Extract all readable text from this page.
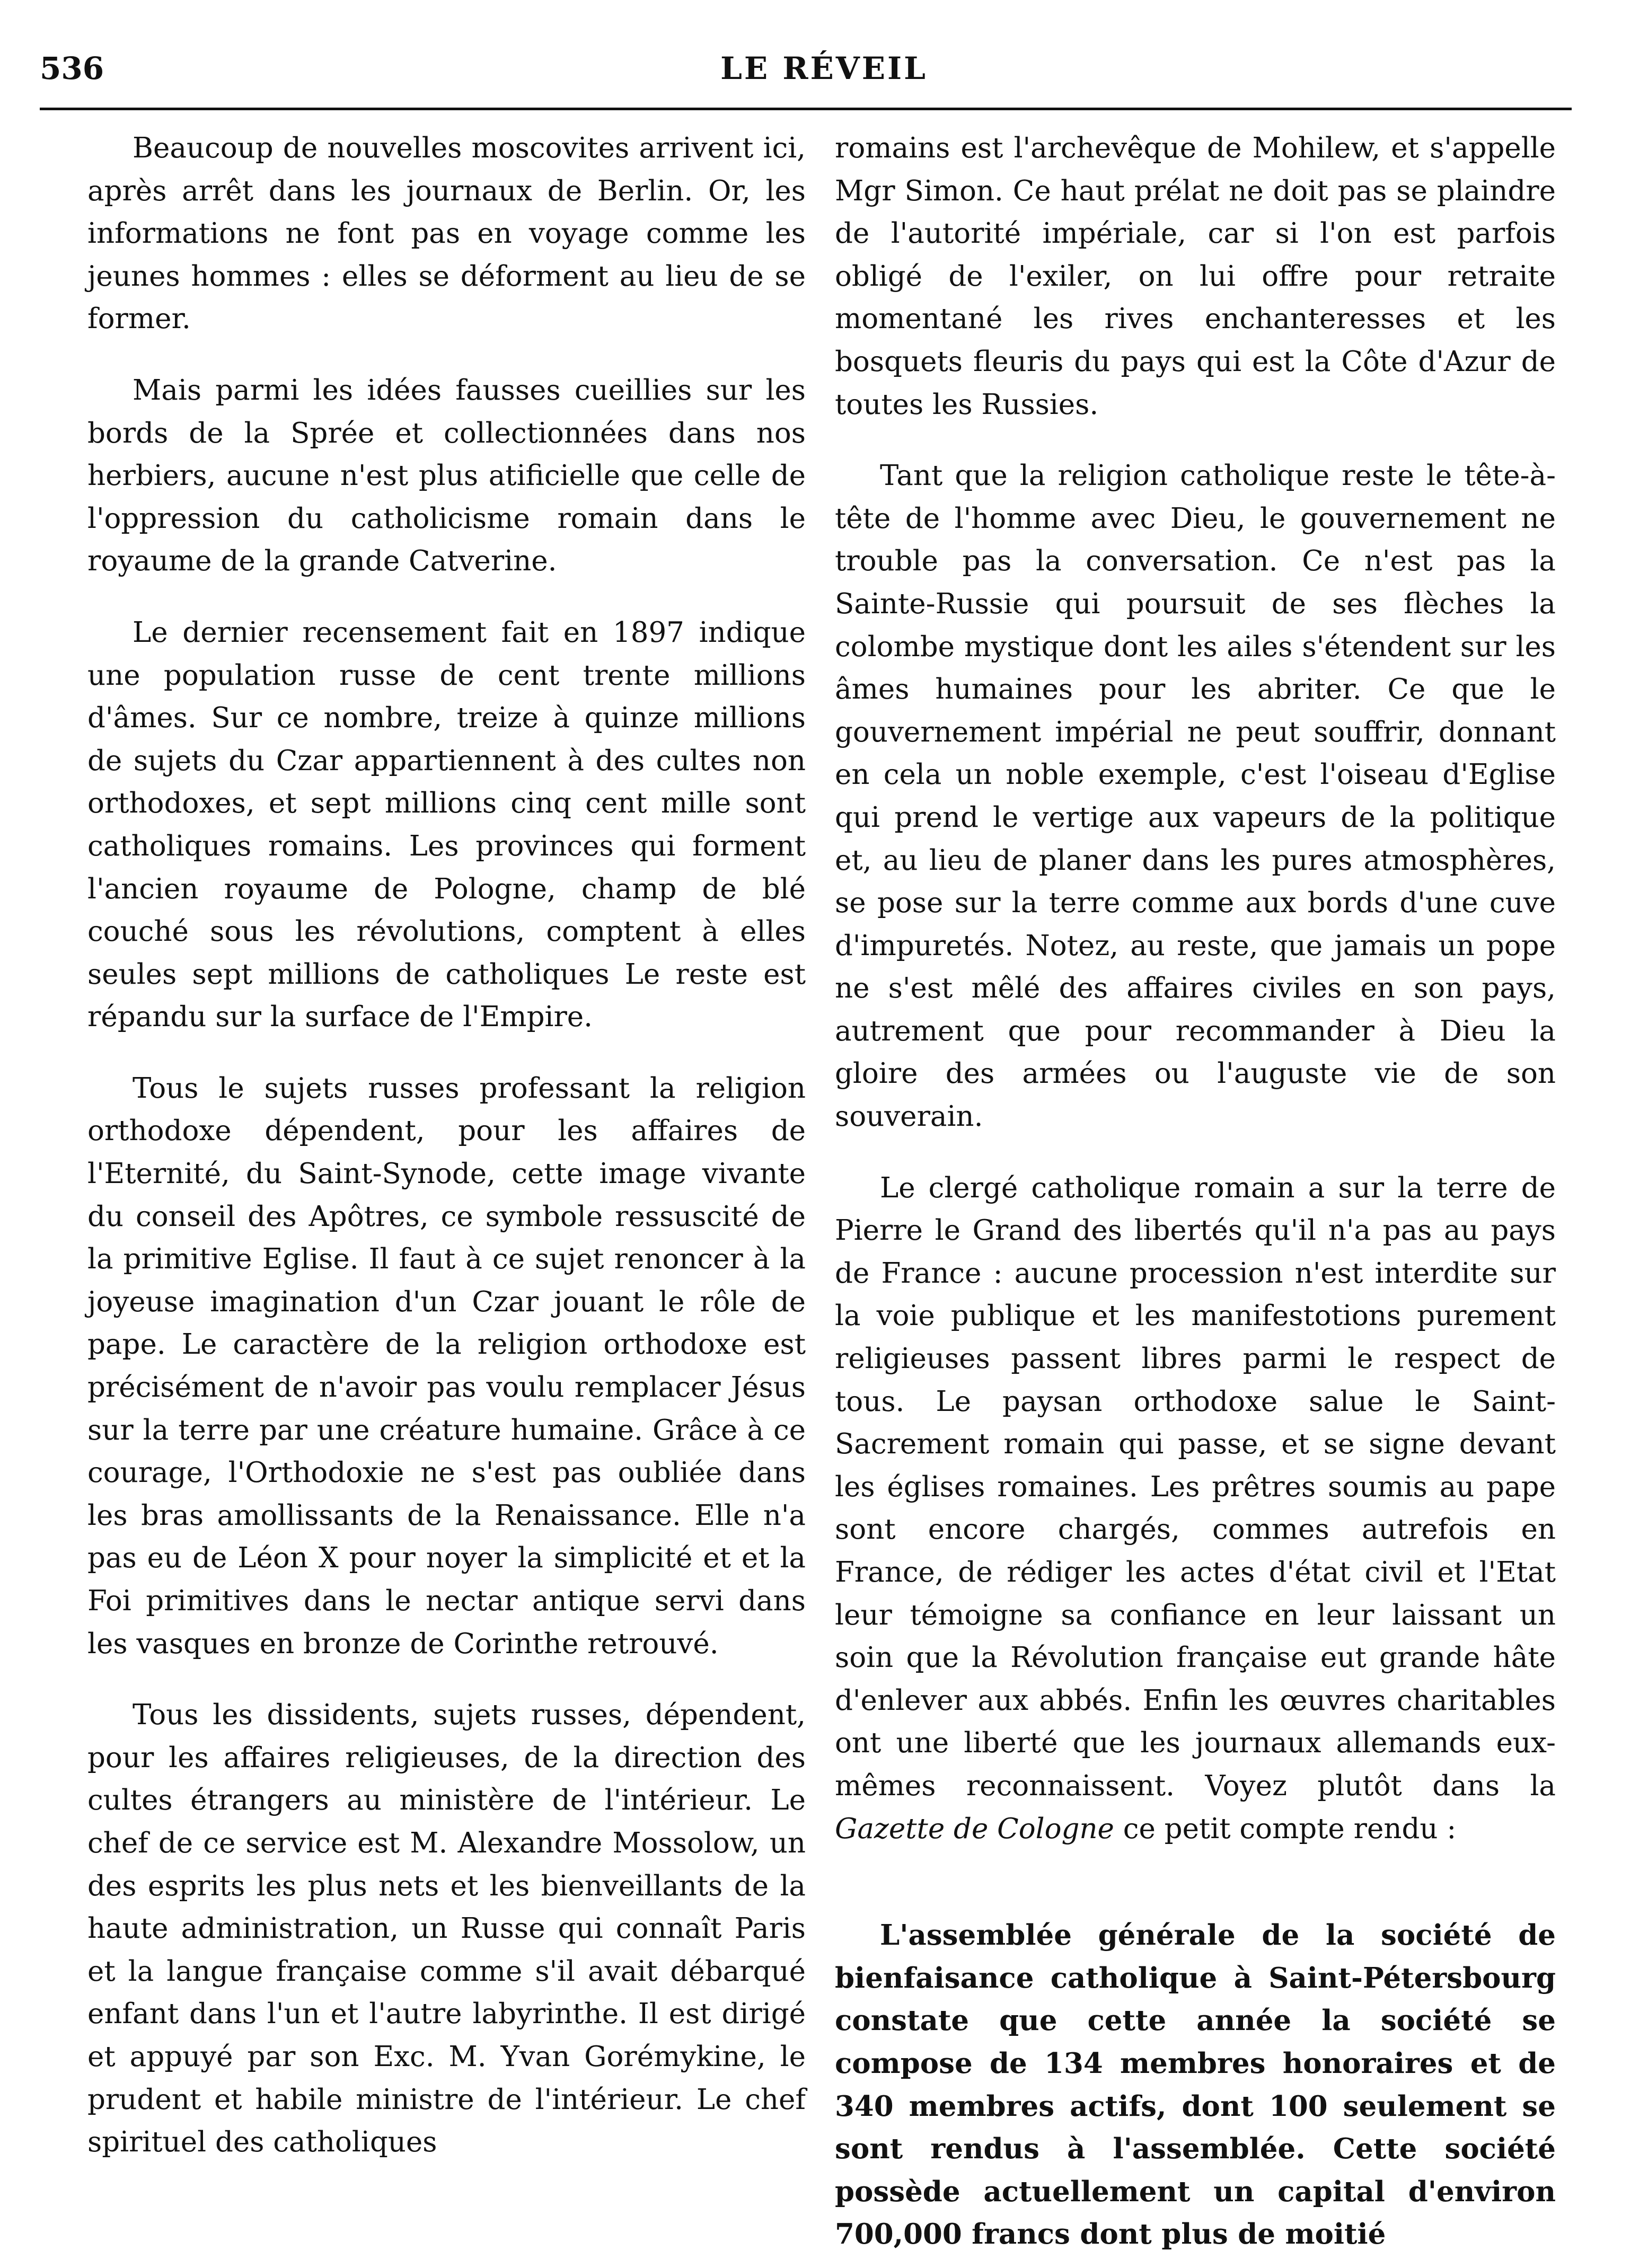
536	LE RÉVEIL

Beaucoup de nouvelles moscovites arrivent ici, après arrêt dans les journaux de Berlin. Or, les informations ne font pas en voyage comme les jeunes hommes : elles se déforment au lieu de se former.

Mais parmi les idées fausses cueillies sur les bords de la Sprée et collectionnées dans nos herbiers, aucune n'est plus atificielle que celle de l'oppression du catholicisme romain dans le royaume de la grande Catverine.

Le dernier recensement fait en 1897 indique une population russe de cent trente millions d'âmes. Sur ce nombre, treize à quinze millions de sujets du Czar appartiennent à des cultes non orthodoxes, et sept millions cinq cent mille sont catholiques romains. Les provinces qui forment l'ancien royaume de Pologne, champ de blé couché sous les révolutions, comptent à elles seules sept millions de catholiques Le reste est répandu sur la surface de l'Empire.

Tous le sujets russes professant la religion orthodoxe dépendent, pour les affaires de l'Eternité, du Saint-Synode, cette image vivante du conseil des Apôtres, ce symbole ressuscité de la primitive Eglise. Il faut à ce sujet renoncer à la joyeuse imagination d'un Czar jouant le rôle de pape. Le caractère de la religion orthodoxe est précisément de n'avoir pas voulu remplacer Jésus sur la terre par une créature humaine. Grâce à ce courage, l'Orthodoxie ne s'est pas oubliée dans les bras amollissants de la Renaissance. Elle n'a pas eu de Léon X pour noyer la simplicité et et la Foi primitives dans le nectar antique servi dans les vasques en bronze de Corinthe retrouvé.

Tous les dissidents, sujets russes, dépendent, pour les affaires religieuses, de la direction des cultes étrangers au ministère de l'intérieur. Le chef de ce service est M. Alexandre Mossolow, un des esprits les plus nets et les bienveillants de la haute administration, un Russe qui connaît Paris et la langue française comme s'il avait débarqué enfant dans l'un et l'autre labyrinthe. Il est dirigé et appuyé par son Exc. M. Yvan Gorémykine, le prudent et habile ministre de l'intérieur. Le chef spirituel des catholiques

romains est l'archevêque de Mohilew, et s'appelle Mgr Simon. Ce haut prélat ne doit pas se plaindre de l'autorité impériale, car si l'on est parfois obligé de l'exiler, on lui offre pour retraite momentané les rives enchanteresses et les bosquets fleuris du pays qui est la Côte d'Azur de toutes les Russies.

Tant que la religion catholique reste le tête-à-tête de l'homme avec Dieu, le gouvernement ne trouble pas la conversation. Ce n'est pas la Sainte-Russie qui poursuit de ses flèches la colombe mystique dont les ailes s'étendent sur les âmes humaines pour les abriter. Ce que le gouvernement impérial ne peut souffrir, donnant en cela un noble exemple, c'est l'oiseau d'Eglise qui prend le vertige aux vapeurs de la politique et, au lieu de planer dans les pures atmosphères, se pose sur la terre comme aux bords d'une cuve d'impuretés. Notez, au reste, que jamais un pope ne s'est mêlé des affaires civiles en son pays, autrement que pour recommander à Dieu la gloire des armées ou l'auguste vie de son souverain.

Le clergé catholique romain a sur la terre de Pierre le Grand des libertés qu'il n'a pas au pays de France : aucune procession n'est interdite sur la voie publique et les manifestotions purement religieuses passent libres parmi le respect de tous. Le paysan orthodoxe salue le Saint-Sacrement romain qui passe, et se signe devant les églises romaines. Les prêtres soumis au pape sont encore chargés, commes autrefois en France, de rédiger les actes d'état civil et l'Etat leur témoigne sa confiance en leur laissant un soin que la Révolution française eut grande hâte d'enlever aux abbés. Enfin les œuvres charitables ont une liberté que les journaux allemands eux-mêmes reconnaissent. Voyez plutôt dans la Gazette de Cologne ce petit compte rendu :

L'assemblée générale de la société de bienfaisance catholique à Saint-Pétersbourg constate que cette année la société se compose de 134 membres honoraires et de 340 membres actifs, dont 100 seulement se sont rendus à l'assemblée. Cette société possède actuellement un capital d'environ 700,000 francs dont plus de moitié
